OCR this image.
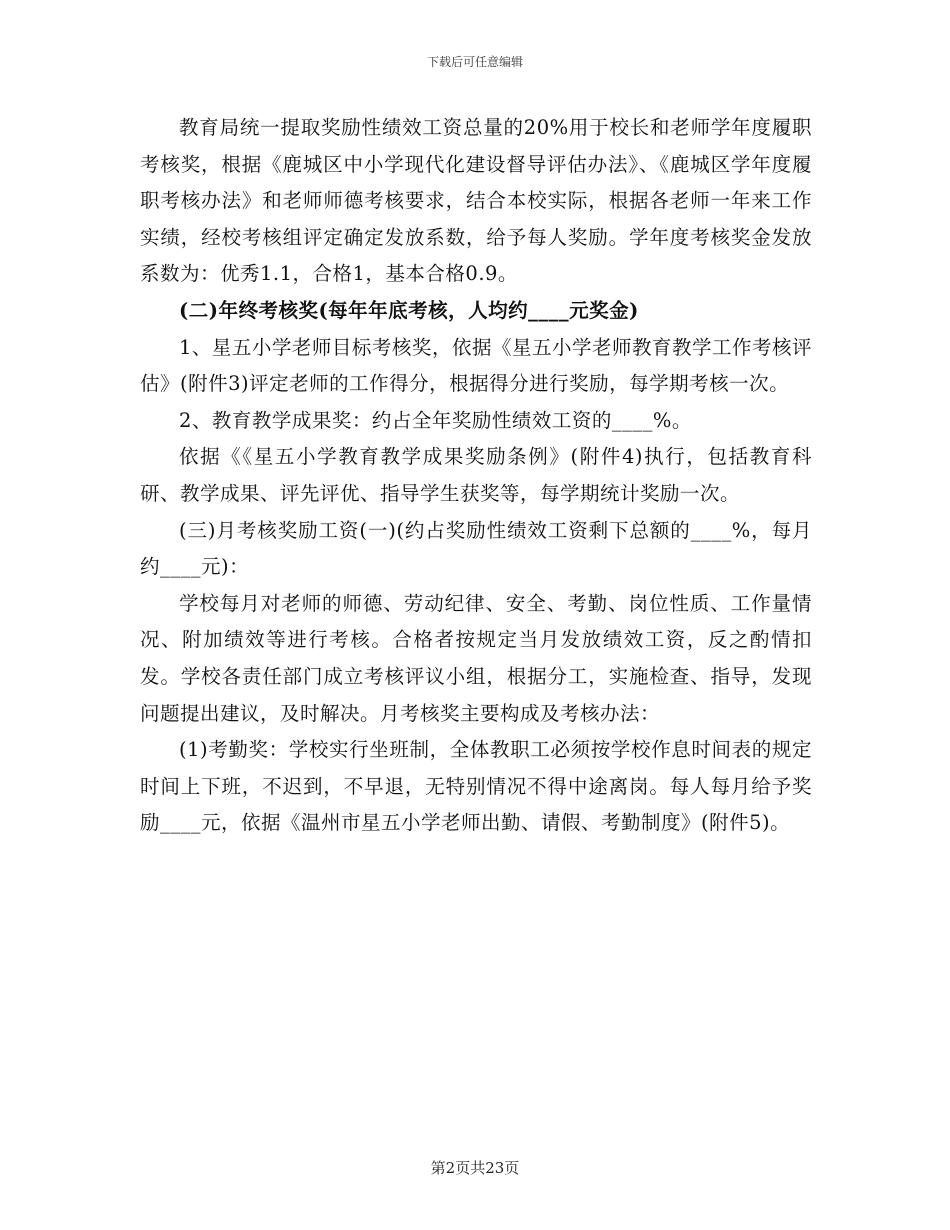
下载后可任意编辑

教育局统一提取奖励性绩效工资总量的20%用于校长和老师学年度履职考核奖，根据《鹿城区中小学现代化建设督导评估办法》、《鹿城区学年度履职考核办法》和老师师德考核要求，结合本校实际，根据各老师一年来工作实绩，经校考核组评定确定发放系数，给予每人奖励。学年度考核奖金发放系数为：优秀1.1，合格1，基本合格0.9。

(二)年终考核奖(每年年底考核，人均约____元奖金)

1、星五小学老师目标考核奖，依据《星五小学老师教育教学工作考核评估》(附件3)评定老师的工作得分，根据得分进行奖励，每学期考核一次。

2、教育教学成果奖：约占全年奖励性绩效工资的____%。

依据《《星五小学教育教学成果奖励条例》(附件4)执行，包括教育科研、教学成果、评先评优、指导学生获奖等，每学期统计奖励一次。

(三)月考核奖励工资(一)(约占奖励性绩效工资剩下总额的____%，每月约____元)：

学校每月对老师的师德、劳动纪律、安全、考勤、岗位性质、工作量情况、附加绩效等进行考核。合格者按规定当月发放绩效工资，反之酌情扣发。学校各责任部门成立考核评议小组，根据分工，实施检查、指导，发现问题提出建议，及时解决。月考核奖主要构成及考核办法：

(1)考勤奖：学校实行坐班制，全体教职工必须按学校作息时间表的规定时间上下班，不迟到，不早退，无特别情况不得中途离岗。每人每月给予奖励____元，依据《温州市星五小学老师出勤、请假、考勤制度》(附件5)。

第2页共23页
